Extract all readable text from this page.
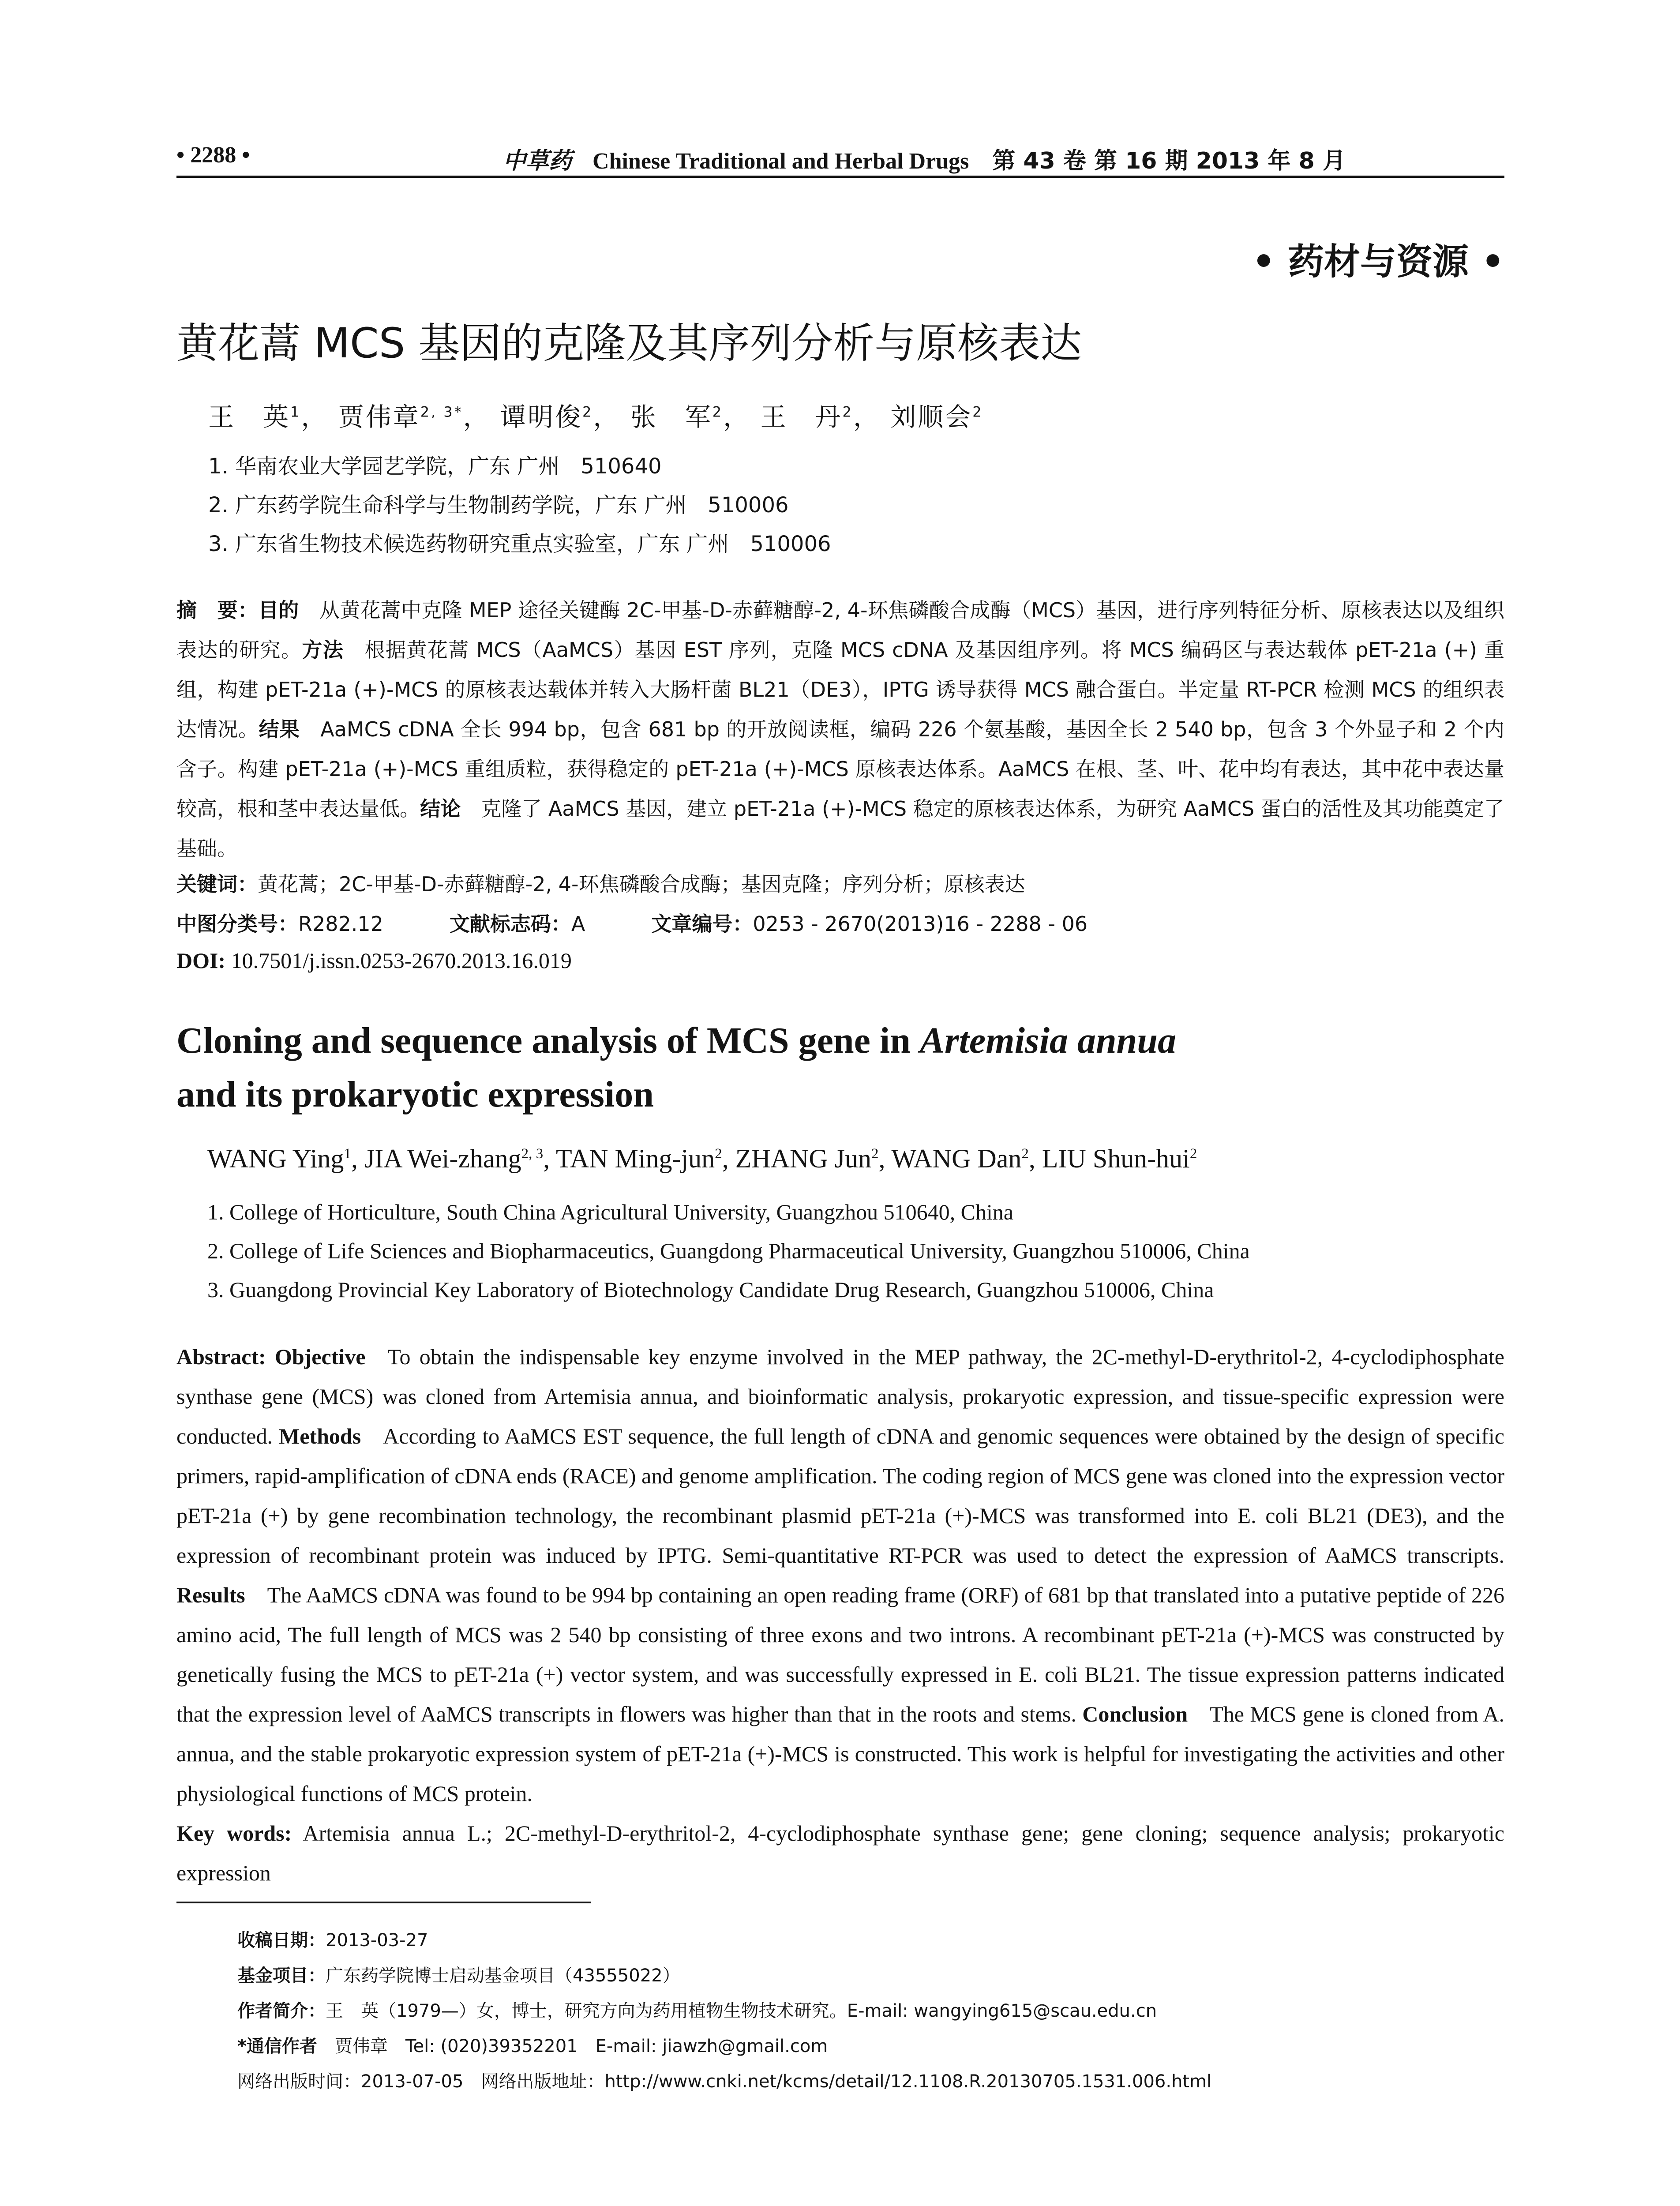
• 2288 •	中草药 Chinese Traditional and Herbal Drugs 第 43 卷 第 16 期 2013 年 8 月
• 药材与资源 •
黄花蒿 MCS 基因的克隆及其序列分析与原核表达
王　英$^1$， 贾伟章$^{2, 3*}$， 谭明俊$^2$， 张　军$^2$， 王　丹$^2$， 刘顺会$^2$
1. 华南农业大学园艺学院，广东 广州　510640
2. 广东药学院生命科学与生物制药学院，广东 广州　510006
3. 广东省生物技术候选药物研究重点实验室，广东 广州　510006
摘　要：目的　从黄花蒿中克隆 MEP 途径关键酶 2C-甲基-D-赤藓糖醇-2, 4-环焦磷酸合成酶（MCS）基因，进行序列特征分析、原核表达以及组织表达的研究。方法　根据黄花蒿 MCS（AaMCS）基因 EST 序列，克隆 MCS cDNA 及基因组序列。将 MCS 编码区与表达载体 pET-21a (+) 重组，构建 pET-21a (+)-MCS 的原核表达载体并转入大肠杆菌 BL21（DE3），IPTG 诱导获得 MCS 融合蛋白。半定量 RT-PCR 检测 MCS 的组织表达情况。结果　AaMCS cDNA 全长 994 bp，包含 681 bp 的开放阅读框，编码 226 个氨基酸，基因全长 2 540 bp，包含 3 个外显子和 2 个内含子。构建 pET-21a (+)-MCS 重组质粒，获得稳定的 pET-21a (+)-MCS 原核表达体系。AaMCS 在根、茎、叶、花中均有表达，其中花中表达量较高，根和茎中表达量低。结论　克隆了 AaMCS 基因，建立 pET-21a (+)-MCS 稳定的原核表达体系，为研究 AaMCS 蛋白的活性及其功能奠定了基础。
关键词：黄花蒿；2C-甲基-D-赤藓糖醇-2, 4-环焦磷酸合成酶；基因克隆；序列分析；原核表达
中图分类号：R282.12	文献标志码：A	文章编号：0253 - 2670(2013)16 - 2288 - 06
DOI: 10.7501/j.issn.0253-2670.2013.16.019
Cloning and sequence analysis of MCS gene in Artemisia annua
and its prokaryotic expression
WANG Ying$^1$, JIA Wei-zhang$^{2, 3}$, TAN Ming-jun$^2$, ZHANG Jun$^2$, WANG Dan$^2$, LIU Shun-hui$^2$
1. College of Horticulture, South China Agricultural University, Guangzhou 510640, China
2. College of Life Sciences and Biopharmaceutics, Guangdong Pharmaceutical University, Guangzhou 510006, China
3. Guangdong Provincial Key Laboratory of Biotechnology Candidate Drug Research, Guangzhou 510006, China
Abstract: Objective  To obtain the indispensable key enzyme involved in the MEP pathway, the 2C-methyl-D-erythritol-2, 4-cyclodiphosphate synthase gene (MCS) was cloned from Artemisia annua, and bioinformatic analysis, prokaryotic expression, and tissue-specific expression were conducted. Methods  According to AaMCS EST sequence, the full length of cDNA and genomic sequences were obtained by the design of specific primers, rapid-amplification of cDNA ends (RACE) and genome amplification. The coding region of MCS gene was cloned into the expression vector pET-21a (+) by gene recombination technology, the recombinant plasmid pET-21a (+)-MCS was transformed into E. coli BL21 (DE3), and the expression of recombinant protein was induced by IPTG. Semi-quantitative RT-PCR was used to detect the expression of AaMCS transcripts. Results  The AaMCS cDNA was found to be 994 bp containing an open reading frame (ORF) of 681 bp that translated into a putative peptide of 226 amino acid, The full length of MCS was 2 540 bp consisting of three exons and two introns. A recombinant pET-21a (+)-MCS was constructed by genetically fusing the MCS to pET-21a (+) vector system, and was successfully expressed in E. coli BL21. The tissue expression patterns indicated that the expression level of AaMCS transcripts in flowers was higher than that in the roots and stems. Conclusion  The MCS gene is cloned from A. annua, and the stable prokaryotic expression system of pET-21a (+)-MCS is constructed. This work is helpful for investigating the activities and other physiological functions of MCS protein.
Key words: Artemisia annua L.; 2C-methyl-D-erythritol-2, 4-cyclodiphosphate synthase gene; gene cloning; sequence analysis; prokaryotic expression
收稿日期：2013-03-27
基金项目：广东药学院博士启动基金项目（43555022）
作者简介：王　英（1979—）女，博士，研究方向为药用植物生物技术研究。E-mail: wangying615@scau.edu.cn
*通信作者　贾伟章　Tel: (020)39352201　E-mail: jiawzh@gmail.com
网络出版时间：2013-07-05　网络出版地址：http://www.cnki.net/kcms/detail/12.1108.R.20130705.1531.006.html
